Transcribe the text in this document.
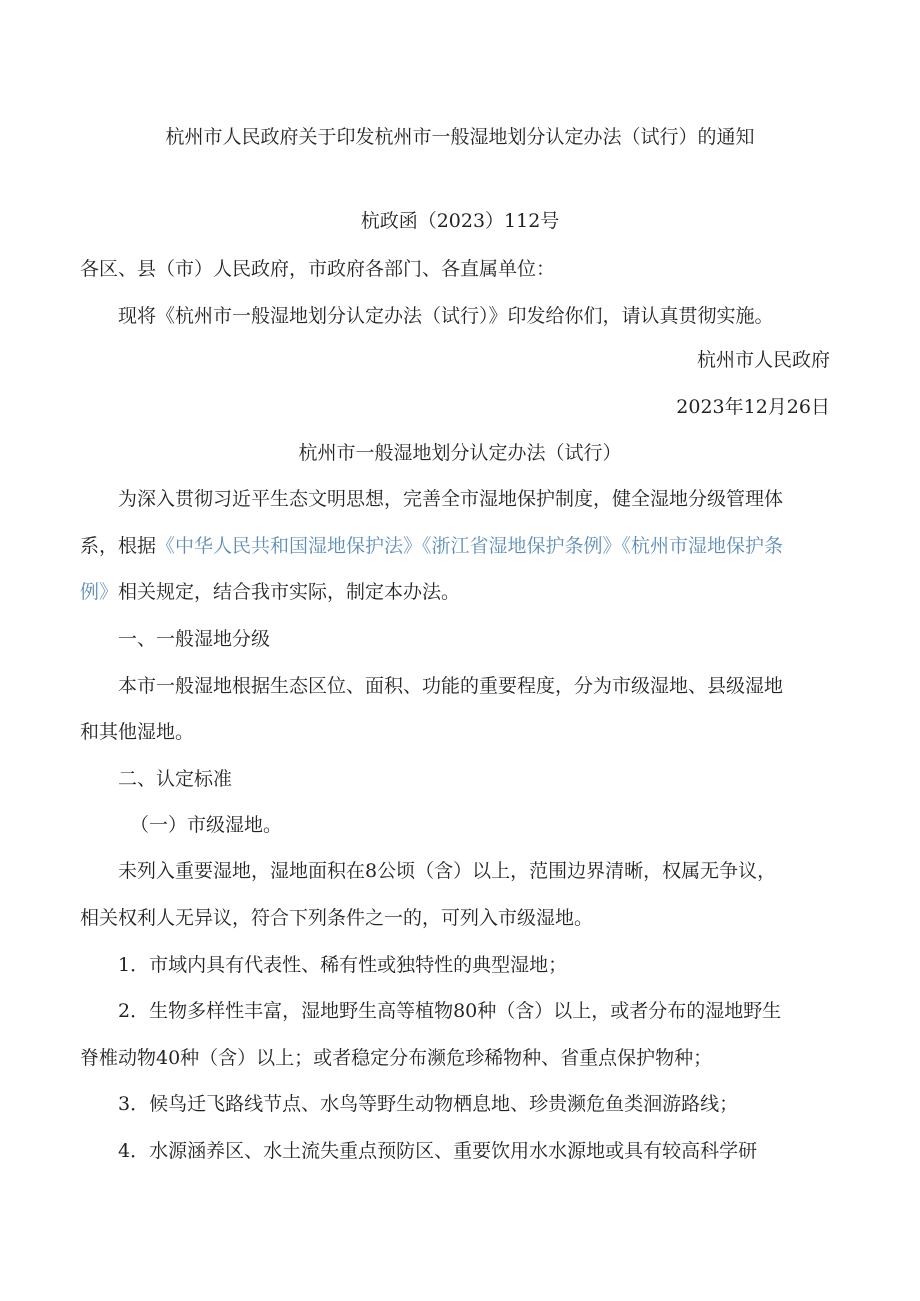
杭州市人民政府关于印发杭州市一般湿地划分认定办法（试行）的通知
杭政函（2023）112号
各区、县（市）人民政府，市政府各部门、各直属单位：
现将《杭州市一般湿地划分认定办法（试行）》印发给你们，请认真贯彻实施。
杭州市人民政府
2023年12月26日
杭州市一般湿地划分认定办法（试行）
为深入贯彻习近平生态文明思想，完善全市湿地保护制度，健全湿地分级管理体
系，根据《中华人民共和国湿地保护法》《浙江省湿地保护条例》《杭州市湿地保护条
例》相关规定，结合我市实际，制定本办法。
一、一般湿地分级
本市一般湿地根据生态区位、面积、功能的重要程度，分为市级湿地、县级湿地
和其他湿地。
二、认定标准
（一）市级湿地。
未列入重要湿地，湿地面积在8公顷（含）以上，范围边界清晰，权属无争议，
相关权利人无异议，符合下列条件之一的，可列入市级湿地。
1．市域内具有代表性、稀有性或独特性的典型湿地；
2．生物多样性丰富，湿地野生高等植物80种（含）以上，或者分布的湿地野生
脊椎动物40种（含）以上；或者稳定分布濒危珍稀物种、省重点保护物种；
3．候鸟迁飞路线节点、水鸟等野生动物栖息地、珍贵濒危鱼类洄游路线；
4．水源涵养区、水土流失重点预防区、重要饮用水水源地或具有较高科学研
